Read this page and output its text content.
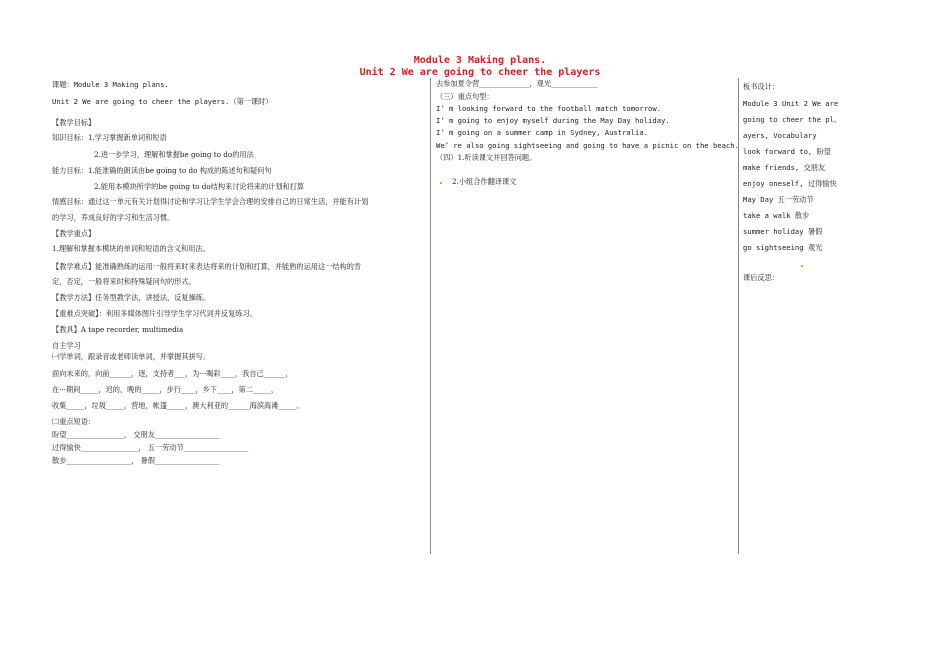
Module 3 Making plans.
Unit 2 We are going to cheer the players
课题：Module 3 Making plans.
Unit 2 We are going to cheer the players.（第一课时）
【教学目标】
知识目标：1.学习掌握新单词和短语
2.进一步学习，理解和掌握be going to do的用法
能力目标：1.能准确的朗读由be going to do 构成的陈述句和疑问句
2.能用本模块所学的be going to do结构来讨论将来的计划和打算
情感目标：通过这一单元有关计划得讨论和学习让学生学会合理的安排自己的日常生活，并能有计划
的学习，养成良好的学习和生活习惯。
【教学重点】
1.理解和掌握本模块的单词和短语的含义和用法。
【教学难点】能准确熟练的运用一般将来时来表达将来的计划和打算，并能熟的运用这一结构的肯
定，否定，一般将来时和特殊疑问句的形式。
【教学方法】任务型教学法，讲授法，反复操练。
【重难点突破】：利用多媒体图片引导学生学习代词并反复练习。
【教具】A tape recorder, multimedia
自主学习
㈠学单词，跟录音或老师读单词，并掌握其拼写。
面向未来的，向前______，逐，支持者___，为···喝彩____，我自己______，
在···期间_____，迟的，晚的_____，步行____，乡下____，第二_____，
收集_____，垃圾_____，营地，帐篷_____，澳大利亚的______海滨海滩_____。
㈡重点短语：
盼望________________， 交朋友__________________
过得愉快________________， 五一劳动节__________________
散步__________________， 暑假__________________
去参加夏令营______________，观光_____________
（三）重点句型：
I’ m looking forward to the football match tomorrow.
I’ m going to enjoy myself during the May Day holiday.
I’ m going on a summer camp in Sydney, Australia.
We’ re also going sightseeing and going to have a picnic on the beach.
（四）1.听读课文并回答问题。
2.小组合作翻译课文
板书设计：
Module 3 Unit 2 We are
going to cheer the pl。
ayers, Vocabulary
look forward to, 盼望
make friends, 交朋友
enjoy oneself, 过得愉快
May Day 五一劳动节
take a walk 散步
summer holiday 暑假
go sightseeing 观光
课后反思：
